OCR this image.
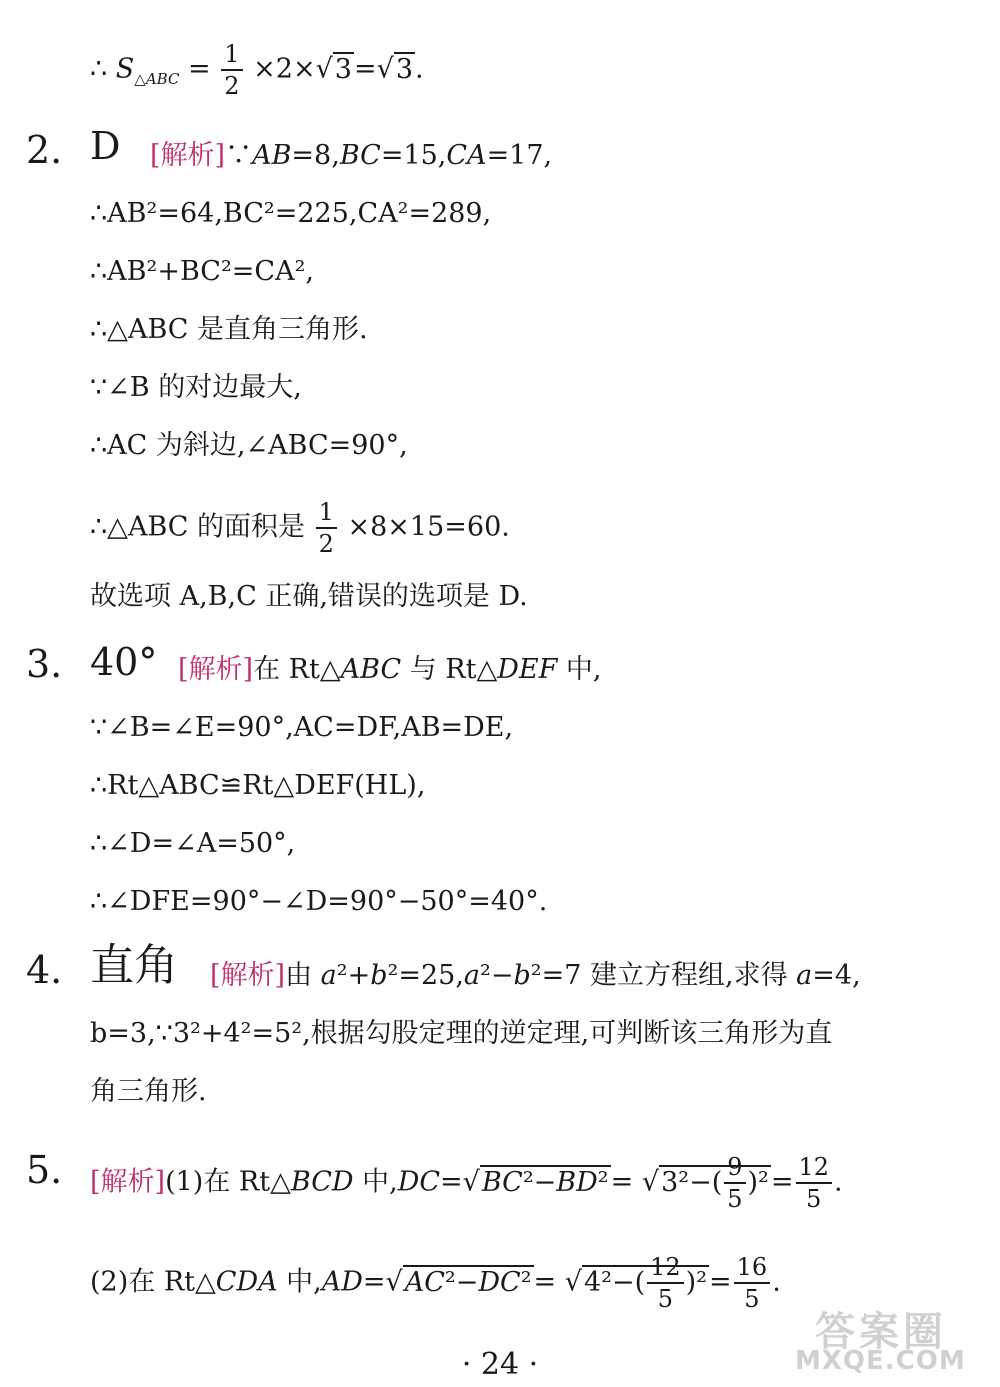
∴ $S_{\triangle ABC} = \frac{1}{2} \times 2\times√3=√3$.
2. D [解析]∵AB=8,BC=15,CA=17,
∴AB²=64,BC²=225,CA²=289,
∴AB²+BC²=CA²,
∴△ABC 是直角三角形.
∵∠B 的对边最大,
∴AC 为斜边,∠ABC=90°,
∴△ABC 的面积是 $\frac{1}{2} \times 8\times 15=60$.
故选项 A,B,C 正确,错误的选项是 D.
3. 40° [解析]在 Rt△ABC 与 Rt△DEF 中,
∵∠B=∠E=90°,AC=DF,AB=DE,
∴Rt△ABC≌Rt△DEF(HL),
∴∠D=∠A=50°,
∴∠DFE=90°−∠D=90°−50°=40°.
4. 直角 [解析]由 a²+b²=25,a²−b²=7 建立方程组,求得 a=4,
b=3,∵3²+4²=5²,根据勾股定理的逆定理,可判断该三角形为直
角三角形.
5. [解析](1)在 Rt△BCD 中$,DC=√BC^2-BD^2= √3^2-( \frac{9}{5} )^2= \frac{12}{5}$ .
(2)在 Rt△CDA 中$,AD=√AC^2-DC^2= √4^2-( \frac{12}{5} )^2= \frac{16}{5}$ .
· 24 ·
答案圈
MXQE.COM
